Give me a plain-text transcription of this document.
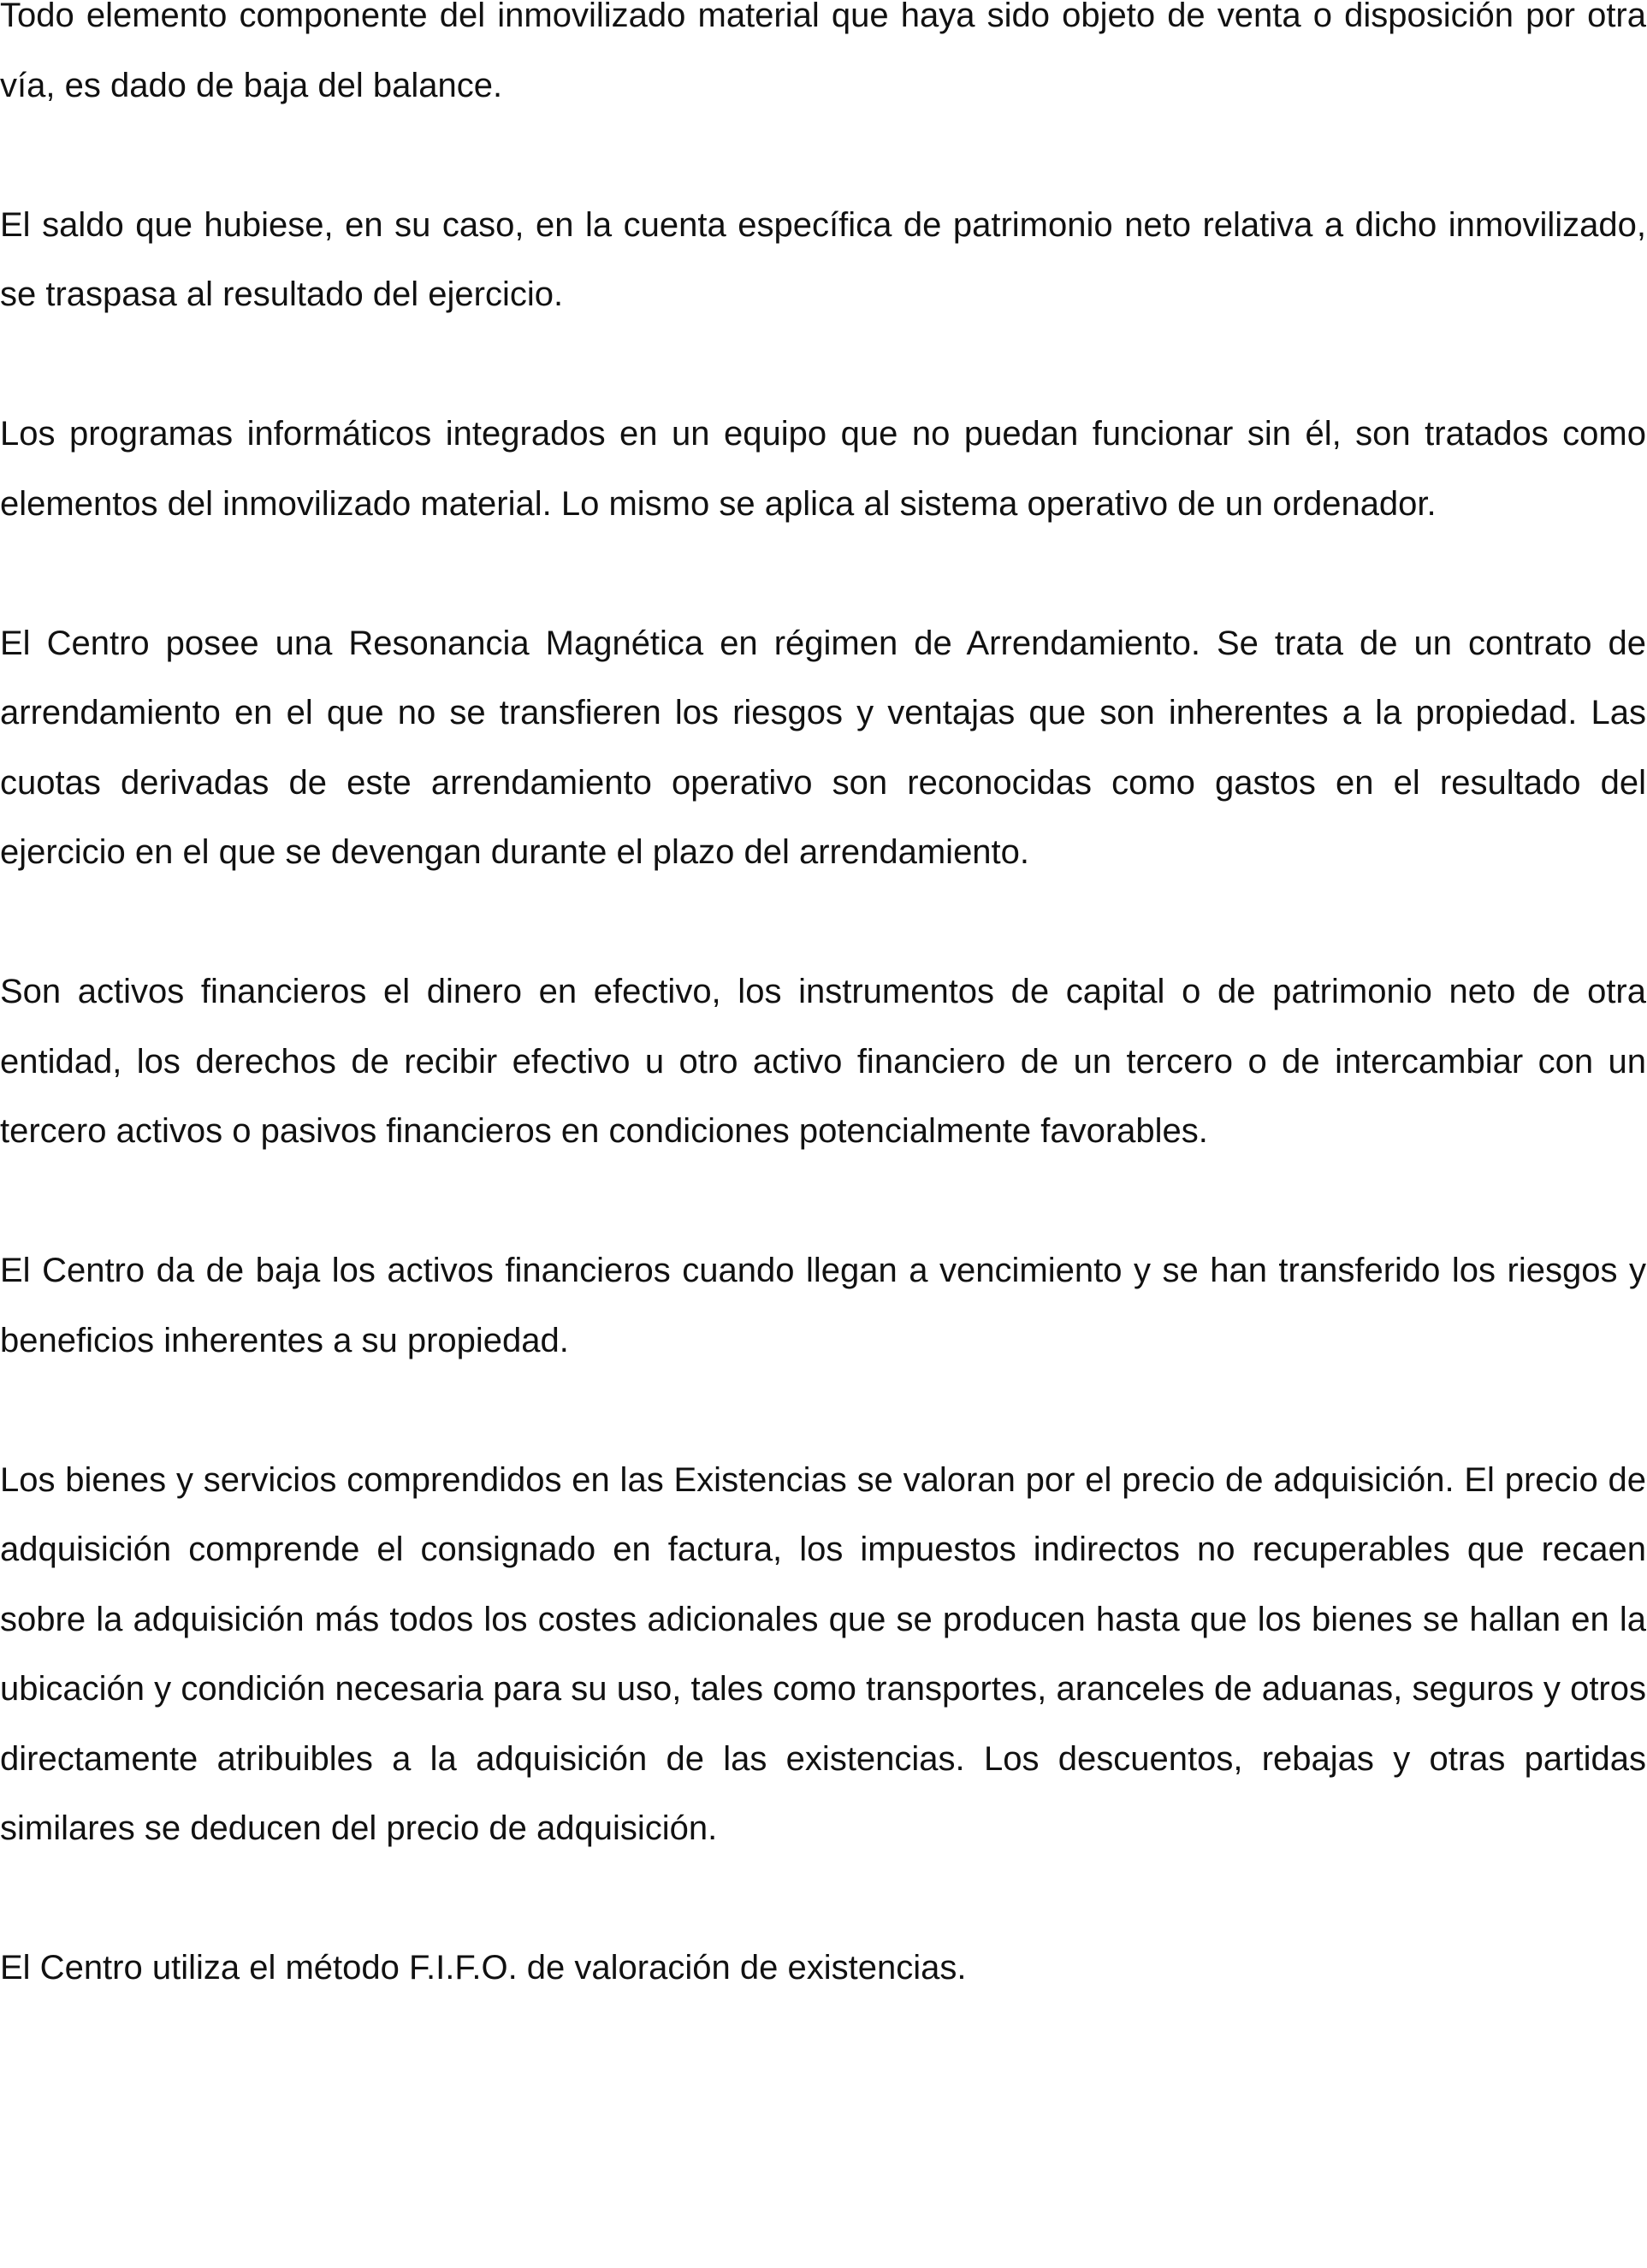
Todo elemento componente del inmovilizado material que haya sido objeto de venta o disposición por otra vía, es dado de baja del balance.

El saldo que hubiese, en su caso, en la cuenta específica de patrimonio neto relativa a dicho inmovilizado, se traspasa al resultado del ejercicio.

Los programas informáticos integrados en un equipo que no puedan funcionar sin él, son tratados como elementos del inmovilizado material. Lo mismo se aplica al sistema operativo de un ordenador.

El Centro posee una Resonancia Magnética en régimen de Arrendamiento. Se trata de un contrato de arrendamiento en el que no se transfieren los riesgos y ventajas que son inherentes a la propiedad. Las cuotas derivadas de este arrendamiento operativo son reconocidas como gastos en el resultado del ejercicio en el que se devengan durante el plazo del arrendamiento.

Son activos financieros el dinero en efectivo, los instrumentos de capital o de patrimonio neto de otra entidad, los derechos de recibir efectivo u otro activo financiero de un tercero o de intercambiar con un tercero activos o pasivos financieros en condiciones potencialmente favorables.

El Centro da de baja los activos financieros cuando llegan a vencimiento y se han transferido los riesgos y beneficios inherentes a su propiedad.

Los bienes y servicios comprendidos en las Existencias se valoran por el precio de adquisición. El precio de adquisición comprende el consignado en factura, los impuestos indirectos no recuperables que recaen sobre la adquisición más todos los costes adicionales que se producen hasta que los bienes se hallan en la ubicación y condición necesaria para su uso, tales como transportes, aranceles de aduanas, seguros y otros directamente atribuibles a la adquisición de las existencias. Los descuentos, rebajas y otras partidas similares se deducen del precio de adquisición.

El Centro utiliza el método F.I.F.O. de valoración de existencias.
